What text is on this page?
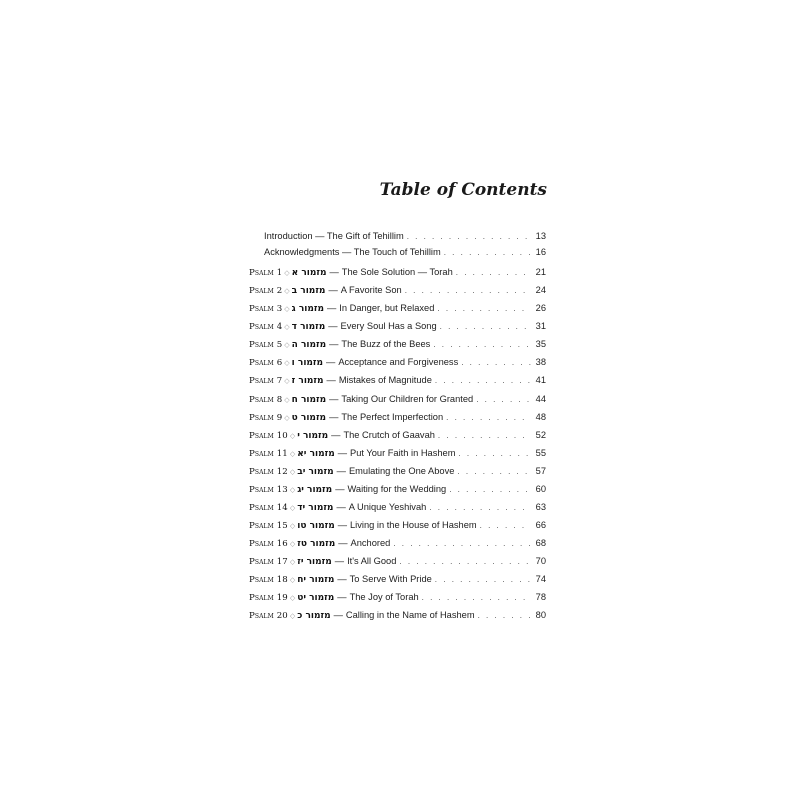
Table of Contents
Introduction — The Gift of Tehillim . . .	13
Acknowledgments — The Touch of Tehillim . . .	16
Psalm 1 ◇ מזמור א — The Sole Solution — Torah . . .	21
Psalm 2 ◇ מזמור ב — A Favorite Son . . .	24
Psalm 3 ◇ מזמור ג — In Danger, but Relaxed . . .	26
Psalm 4 ◇ מזמור ד — Every Soul Has a Song . . .	31
Psalm 5 ◇ מזמור ה — The Buzz of the Bees . . .	35
Psalm 6 ◇ מזמור ו — Acceptance and Forgiveness . . .	38
Psalm 7 ◇ מזמור ז — Mistakes of Magnitude . . .	41
Psalm 8 ◇ מזמור ח — Taking Our Children for Granted . . .	44
Psalm 9 ◇ מזמור ט — The Perfect Imperfection . . .	48
Psalm 10 ◇ מזמור י — The Crutch of Gaavah . . .	52
Psalm 11 ◇ מזמור יא — Put Your Faith in Hashem . . .	55
Psalm 12 ◇ מזמור יב — Emulating the One Above . . .	57
Psalm 13 ◇ מזמור יג — Waiting for the Wedding . . .	60
Psalm 14 ◇ מזמור יד — A Unique Yeshivah . . .	63
Psalm 15 ◇ מזמור טו — Living in the House of Hashem . . .	66
Psalm 16 ◇ מזמור טז — Anchored . . .	68
Psalm 17 ◇ מזמור יז — It's All Good . . .	70
Psalm 18 ◇ מזמור יח — To Serve With Pride . . .	74
Psalm 19 ◇ מזמור יט — The Joy of Torah . . .	78
Psalm 20 ◇ מזמור כ — Calling in the Name of Hashem . . .	80
